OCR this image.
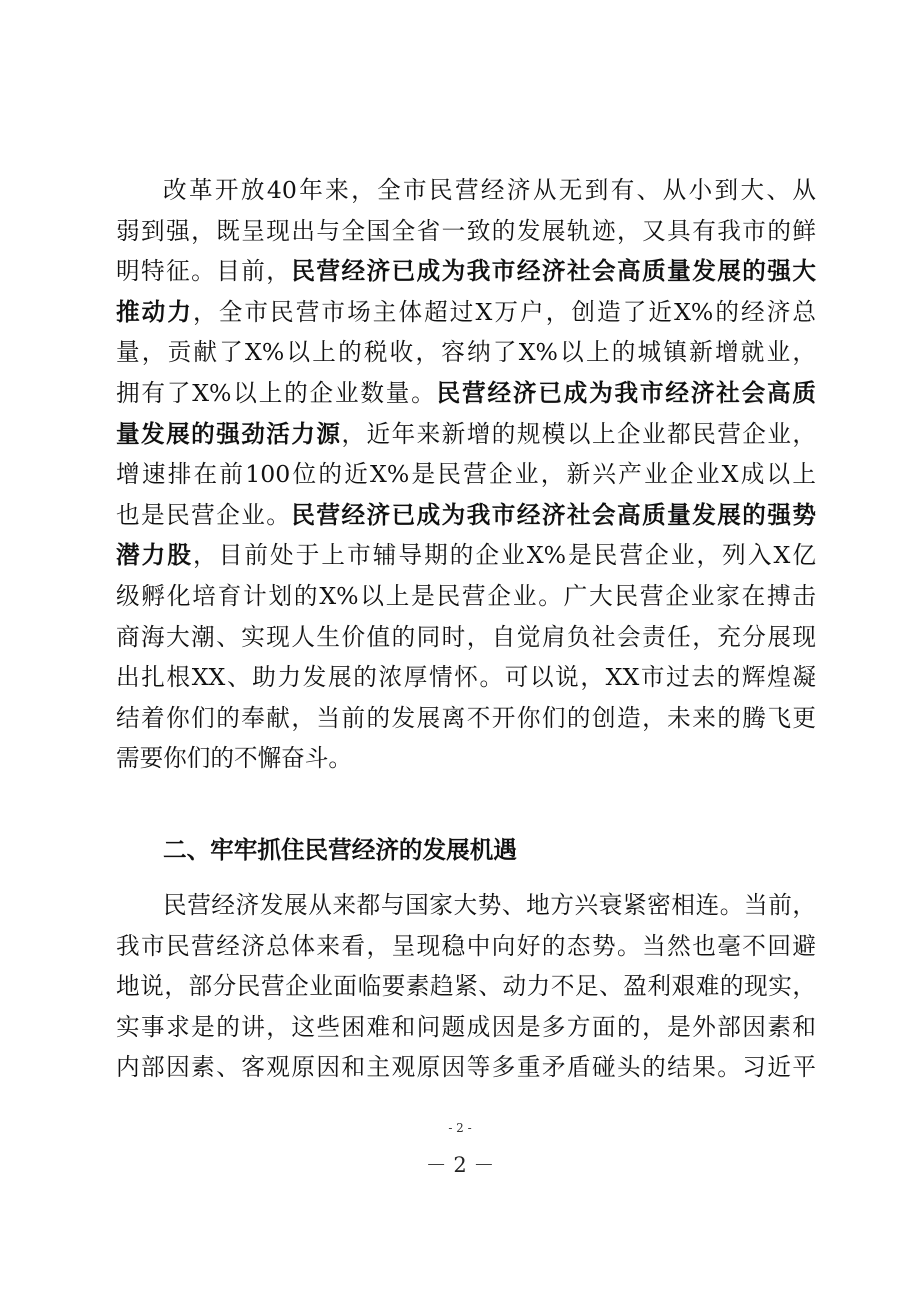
改革开放40年来，全市民营经济从无到有、从小到大、从
弱到强，既呈现出与全国全省一致的发展轨迹，又具有我市的鲜
明特征。目前，民营经济已成为我市经济社会高质量发展的强大
推动力，全市民营市场主体超过X万户，创造了近X%的经济总
量，贡献了X%以上的税收，容纳了X%以上的城镇新增就业，
拥有了X%以上的企业数量。民营经济已成为我市经济社会高质
量发展的强劲活力源，近年来新增的规模以上企业都民营企业，
增速排在前100位的近X%是民营企业，新兴产业企业X成以上
也是民营企业。民营经济已成为我市经济社会高质量发展的强势
潜力股，目前处于上市辅导期的企业X%是民营企业，列入X亿
级孵化培育计划的X%以上是民营企业。广大民营企业家在搏击
商海大潮、实现人生价值的同时，自觉肩负社会责任，充分展现
出扎根XX、助力发展的浓厚情怀。可以说，XX市过去的辉煌凝
结着你们的奉献，当前的发展离不开你们的创造，未来的腾飞更
需要你们的不懈奋斗。
二、牢牢抓住民营经济的发展机遇
民营经济发展从来都与国家大势、地方兴衰紧密相连。当前，
我市民营经济总体来看，呈现稳中向好的态势。当然也毫不回避
地说，部分民营企业面临要素趋紧、动力不足、盈利艰难的现实，
实事求是的讲，这些困难和问题成因是多方面的，是外部因素和
内部因素、客观原因和主观原因等多重矛盾碰头的结果。习近平
- 2 -
－ 2 －
